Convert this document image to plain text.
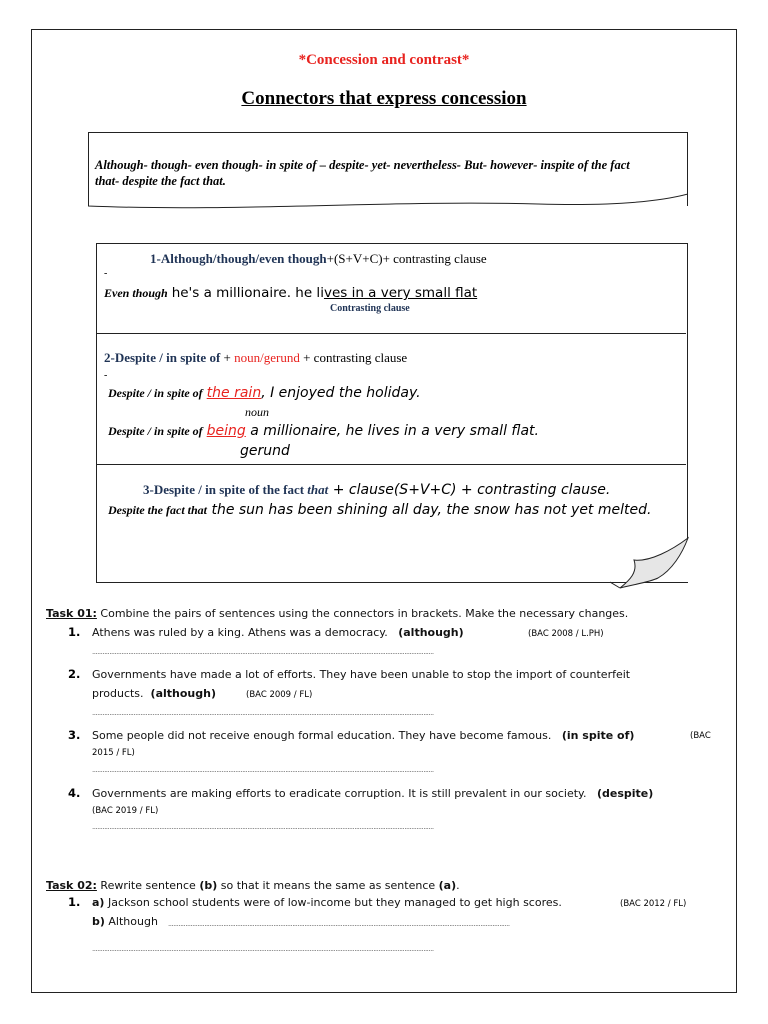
*Concession and contrast*
Connectors that express concession
Although- though- even though- in spite of – despite- yet- nevertheless- But- however- inspite of the fact that- despite the fact that.
1-Although/though/even though+(S+V+C)+ contrasting clause
-
Even though he's a millionaire. he lives in a very small flat
Contrasting clause
2-Despite / in spite of + noun/gerund + contrasting clause
-
Despite / in spite of the rain, I enjoyed the holiday.
noun
Despite / in spite of being a millionaire, he lives in a very small flat.
gerund
3-Despite / in spite of the fact that + clause(S+V+C) + contrasting clause.
Despite the fact that the sun has been shining all day, the snow has not yet melted.
Task 01: Combine the pairs of sentences using the connectors in brackets. Make the necessary changes.
1. Athens was ruled by a king. Athens was a democracy. (although)	(BAC 2008 / L.PH)
......................................................................................................................................................................................................
2. Governments have made a lot of efforts. They have been unable to stop the import of counterfeit
products. (although)	(BAC 2009 / FL)
......................................................................................................................................................................................................
3. Some people did not receive enough formal education. They have become famous. (in spite of)	(BAC
2015 / FL)
......................................................................................................................................................................................................
4. Governments are making efforts to eradicate corruption. It is still prevalent in our society. (despite)
(BAC 2019 / FL)
......................................................................................................................................................................................................
Task 02: Rewrite sentence (b) so that it means the same as sentence (a).
1. a) Jackson school students were of low-income but they managed to get high scores.	(BAC 2012 / FL)
b) Although ......................................................................................................................................................................................................
......................................................................................................................................................................................................
